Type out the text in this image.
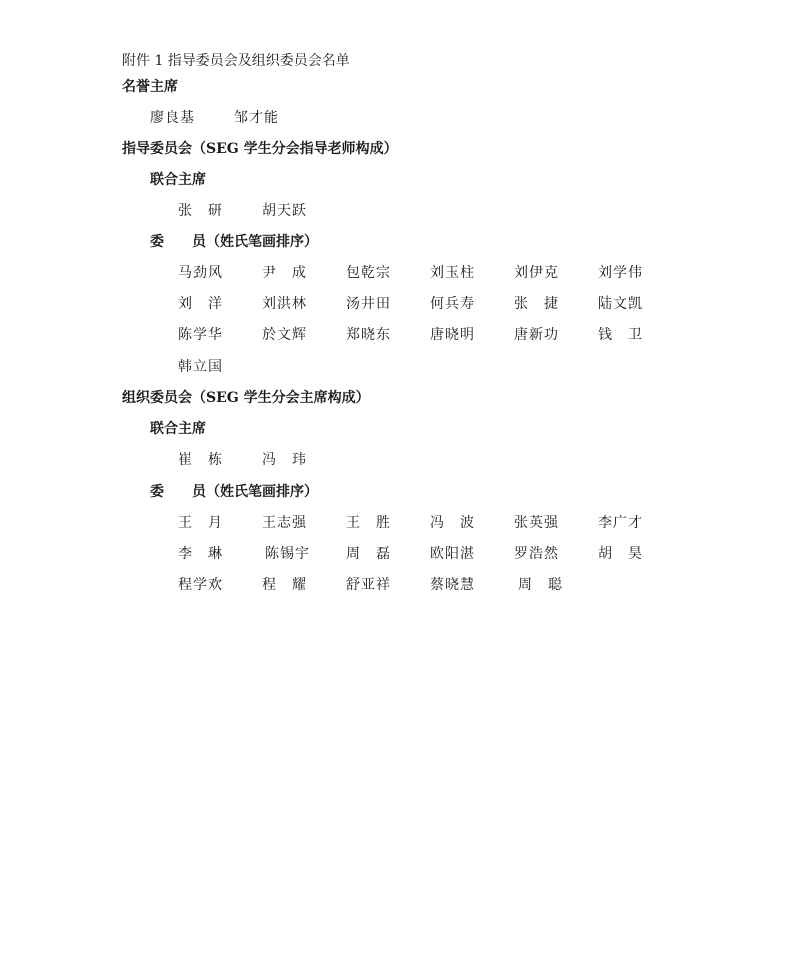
附件 1 指导委员会及组织委员会名单
名誉主席
廖良基	邹才能
指导委员会（SEG 学生分会指导老师构成）
联合主席
张　研	胡天跃
委　　员（姓氏笔画排序）
马劲风	尹　成	包乾宗	刘玉柱	刘伊克	刘学伟
刘　洋	刘洪林	汤井田	何兵寿	张　捷	陆文凯
陈学华	於文辉	郑晓东	唐晓明	唐新功	钱　卫
韩立国
组织委员会（SEG 学生分会主席构成）
联合主席
崔　栋	冯　玮
委　　员（姓氏笔画排序）
王　月	王志强	王　胜	冯　波	张英强	李广才
李　琳	陈锡宇	周　磊	欧阳湛	罗浩然	胡　昊
程学欢	程　耀	舒亚祥	蔡晓慧	周　聪
